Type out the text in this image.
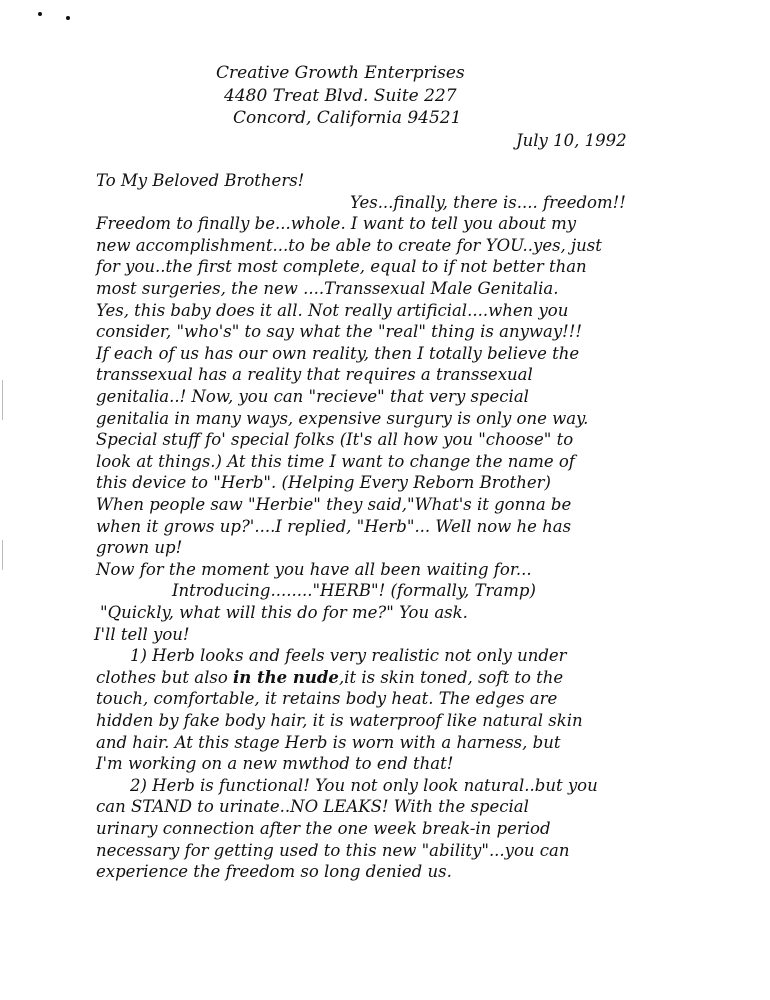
Creative Growth Enterprises
4480 Treat Blvd. Suite 227
Concord, California 94521
July 10, 1992
To My Beloved Brothers!
Yes...finally, there is.... freedom!!
Freedom to finally be...whole. I want to tell you about my
new accomplishment...to be able to create for YOU..yes, just
for you..the first most complete, equal to if not better than
most surgeries, the new ....Transsexual Male Genitalia.
Yes, this baby does it all. Not really artificial....when you
consider, "who's" to say what the "real" thing is anyway!!!
If each of us has our own reality, then I totally believe the
transsexual has a reality that requires a transsexual
genitalia..! Now, you can "recieve" that very special
genitalia in many ways, expensive surgury is only one way.
Special stuff fo' special folks (It's all how you "choose" to
look at things.) At this time I want to change the name of
this device to "Herb". (Helping Every Reborn Brother)
When people saw "Herbie" they said,"What's it gonna be
when it grows up?'....I replied, "Herb"... Well now he has
grown up!
Now for the moment you have all been waiting for...
Introducing........"HERB"! (formally, Tramp)
"Quickly, what will this do for me?" You ask.
I'll tell you!
1) Herb looks and feels very realistic not only under
clothes but also in the nude,it is skin toned, soft to the
touch, comfortable, it retains body heat. The edges are
hidden by fake body hair, it is waterproof like natural skin
and hair. At this stage Herb is worn with a harness, but
I'm working on a new mwthod to end that!
2) Herb is functional! You not only look natural..but you
can STAND to urinate..NO LEAKS! With the special
urinary connection after the one week break-in period
necessary for getting used to this new "ability"...you can
experience the freedom so long denied us.
